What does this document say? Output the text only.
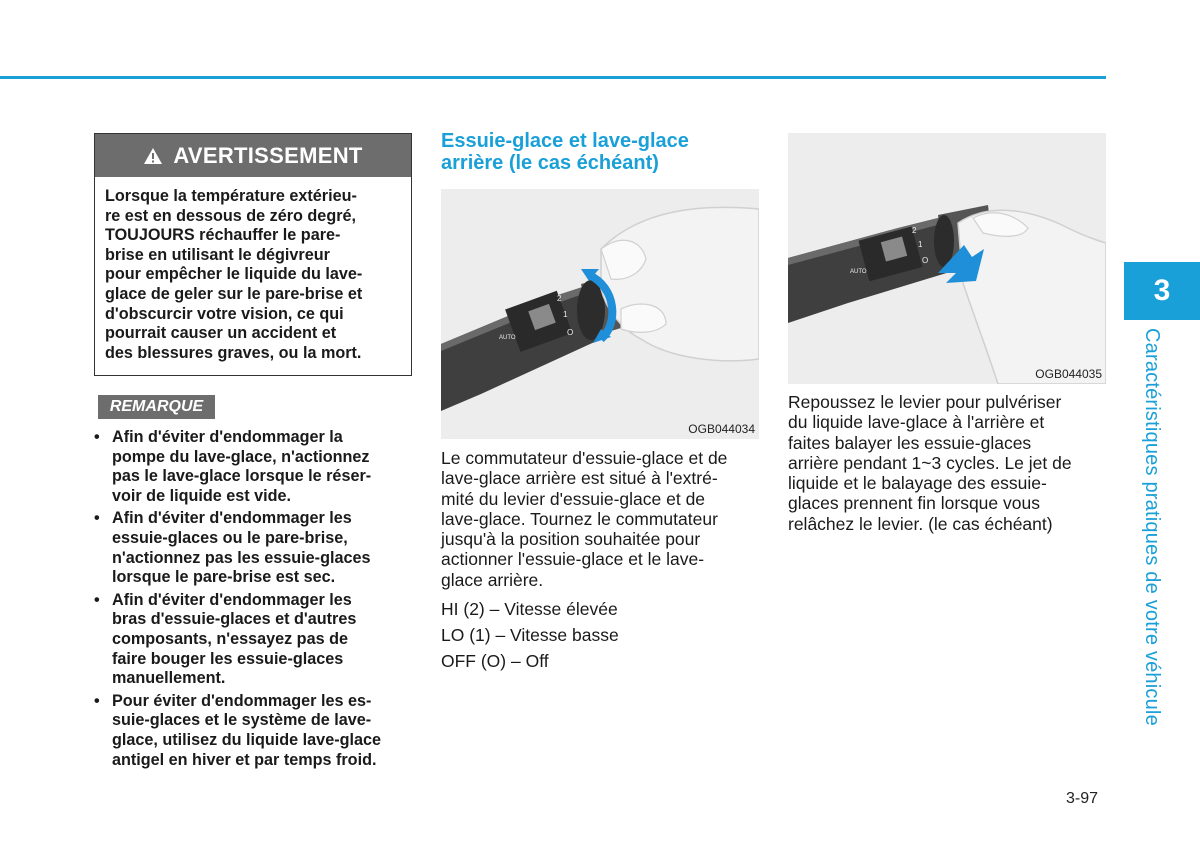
AVERTISSEMENT
Lorsque la température extérieu-
re est en dessous de zéro degré,
TOUJOURS réchauffer le pare-
brise en utilisant le dégivreur
pour empêcher le liquide du lave-
glace de geler sur le pare-brise et
d'obscurcir votre vision, ce qui
pourrait causer un accident et
des blessures graves, ou la mort.
REMARQUE
• Afin d'éviter d'endommager la
pompe du lave-glace, n'actionnez
pas le lave-glace lorsque le réser-
voir de liquide est vide.
• Afin d'éviter d'endommager les
essuie-glaces ou le pare-brise,
n'actionnez pas les essuie-glaces
lorsque le pare-brise est sec.
• Afin d'éviter d'endommager les
bras d'essuie-glaces et d'autres
composants, n'essayez pas de
faire bouger les essuie-glaces
manuellement.
• Pour éviter d'endommager les es-
suie-glaces et le système de lave-
glace, utilisez du liquide lave-glace
antigel en hiver et par temps froid.
Essuie-glace et lave-glace
arrière (le cas échéant)
2
1
O
AUTO
OGB044034
Le commutateur d'essuie-glace et de
lave-glace arrière est situé à l'extré-
mité du levier d'essuie-glace et de
lave-glace. Tournez le commutateur
jusqu'à la position souhaitée pour
actionner l'essuie-glace et le lave-
glace arrière.
HI (2) – Vitesse élevée
LO (1) – Vitesse basse
OFF (O) – Off
2
1
O
AUTO
OGB044035
Repoussez le levier pour pulvériser
du liquide lave-glace à l'arrière et
faites balayer les essuie-glaces
arrière pendant 1~3 cycles. Le jet de
liquide et le balayage des essuie-
glaces prennent fin lorsque vous
relâchez le levier. (le cas échéant)
3
Caractéristiques pratiques de votre véhicule
3-97
